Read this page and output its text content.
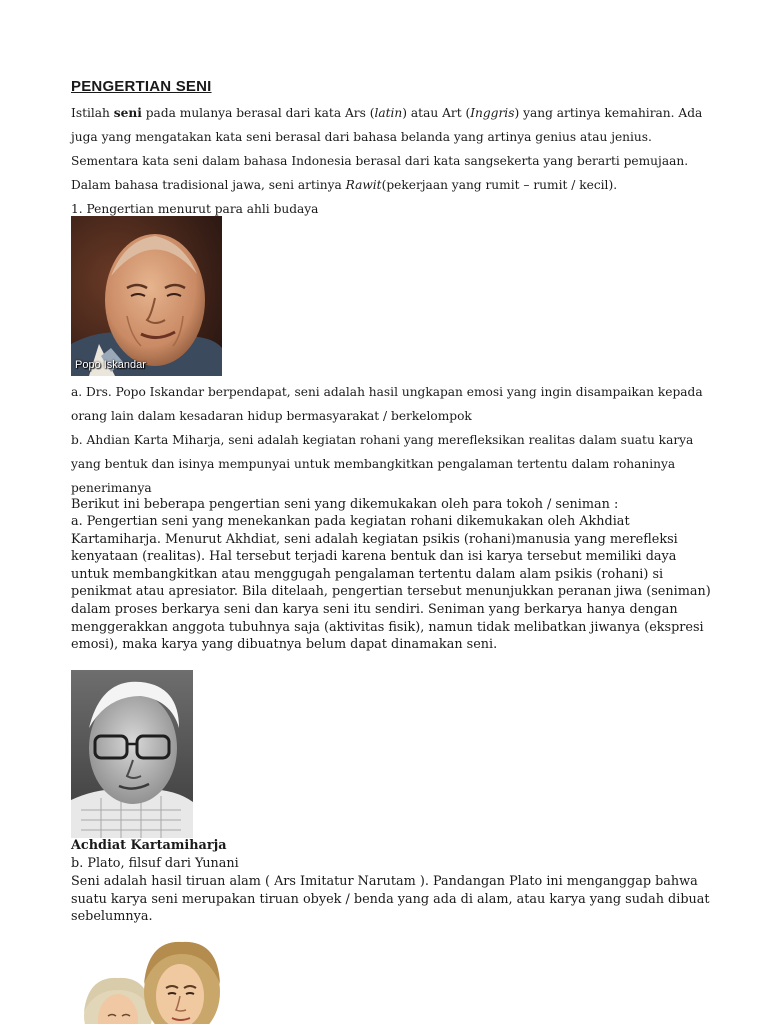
PENGERTIAN SENI

Istilah seni pada mulanya berasal dari kata Ars (latin) atau Art (Inggris) yang artinya kemahiran. Ada juga yang mengatakan kata seni berasal dari bahasa belanda yang artinya genius atau jenius. Sementara kata seni dalam bahasa Indonesia berasal dari kata sangsekerta yang berarti pemujaan. Dalam bahasa tradisional jawa, seni artinya Rawit(pekerjaan yang rumit – rumit / kecil).

1. Pengertian menurut para ahli budaya

Popo Iskandar

a. Drs. Popo Iskandar berpendapat, seni adalah hasil ungkapan emosi yang ingin disampaikan kepada orang lain dalam kesadaran hidup bermasyarakat / berkelompok

b. Ahdian Karta Miharja, seni adalah kegiatan rohani yang merefleksikan realitas dalam suatu karya yang bentuk dan isinya mempunyai untuk membangkitkan pengalaman tertentu dalam rohaninya penerimanya

Berikut ini beberapa pengertian seni yang dikemukakan oleh para tokoh / seniman :

a. Pengertian seni yang menekankan pada kegiatan rohani dikemukakan oleh Akhdiat Kartamiharja. Menurut Akhdiat, seni adalah kegiatan psikis (rohani)manusia yang merefleksi kenyataan (realitas). Hal tersebut terjadi karena bentuk dan isi karya tersebut memiliki daya untuk membangkitkan atau menggugah pengalaman tertentu dalam alam psikis (rohani) si penikmat atau apresiator. Bila ditelaah, pengertian tersebut menunjukkan peranan jiwa (seniman) dalam proses berkarya seni dan karya seni itu sendiri. Seniman yang berkarya hanya dengan menggerakkan anggota tubuhnya saja (aktivitas fisik), namun tidak melibatkan jiwanya (ekspresi emosi), maka karya yang dibuatnya belum dapat dinamakan seni.

Achdiat Kartamiharja

b. Plato, filsuf dari Yunani

Seni adalah hasil tiruan alam ( Ars Imitatur Narutam ). Pandangan Plato ini menganggap bahwa suatu karya seni merupakan tiruan obyek / benda yang ada di alam, atau karya yang sudah dibuat sebelumnya.
